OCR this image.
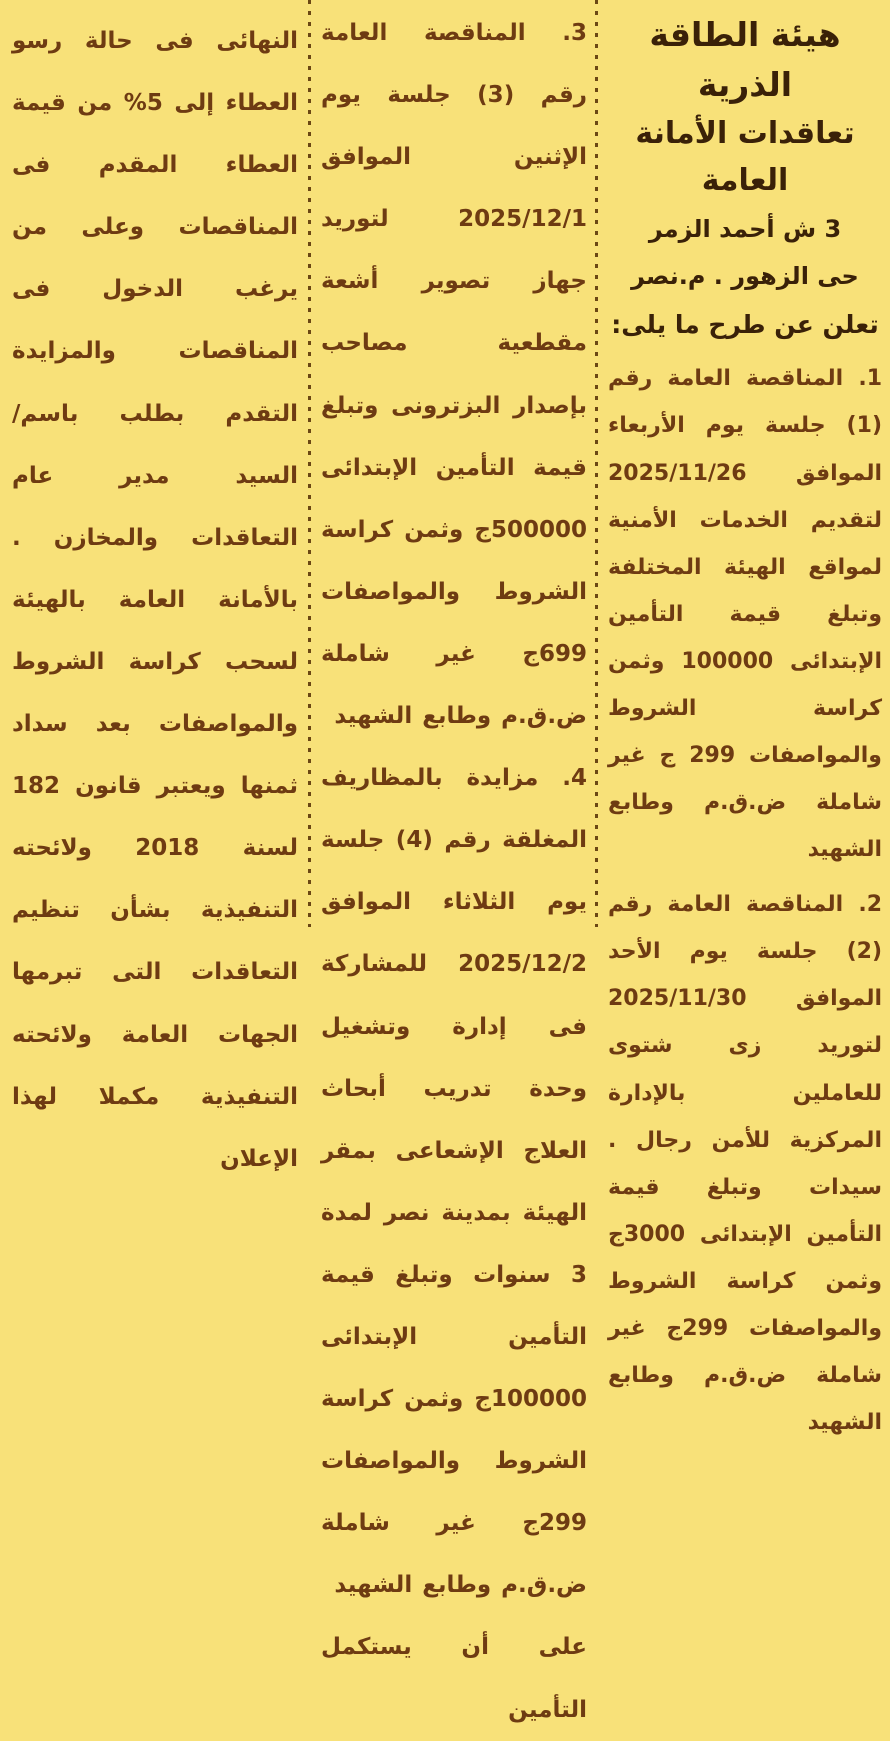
هيئة الطاقة الذرية
تعاقدات الأمانة العامة

3 ش أحمد الزمر

حى الزهور . م.نصر

تعلن عن طرح ما يلى:

1. المناقصة العامة رقم (1) جلسة يوم الأربعاء الموافق 2025/11/26 لتقديم الخدمات الأمنية لمواقع الهيئة المختلفة وتبلغ قيمة التأمين الإبتدائى 100000 وثمن كراسة الشروط والمواصفات 299 ج غير شاملة ض.ق.م وطابع الشهيد

2. المناقصة العامة رقم (2) جلسة يوم الأحد الموافق 2025/11/30 لتوريد زى شتوى للعاملين بالإدارة المركزية للأمن رجال . سيدات وتبلغ قيمة التأمين الإبتدائى 3000ج وثمن كراسة الشروط والمواصفات 299ج غير شاملة ض.ق.م وطابع الشهيد

3. المناقصة العامة رقم (3) جلسة يوم الإثنين الموافق 2025/12/1 لتوريد جهاز تصوير أشعة مقطعية مصاحب بإصدار البزترونى وتبلغ قيمة التأمين الإبتدائى 500000ج وثمن كراسة الشروط والمواصفات 699ج غير شاملة ض.ق.م وطابع الشهيد

4. مزايدة بالمظاريف المغلقة رقم (4) جلسة يوم الثلاثاء الموافق 2025/12/2 للمشاركة فى إدارة وتشغيل وحدة تدريب أبحاث العلاج الإشعاعى بمقر الهيئة بمدينة نصر لمدة 3 سنوات وتبلغ قيمة التأمين الإبتدائى 100000ج وثمن كراسة الشروط والمواصفات 299ج غير شاملة ض.ق.م وطابع الشهيد

على أن يستكمل التأمين

النهائى فى حالة رسو العطاء إلى 5% من قيمة العطاء المقدم فى المناقصات وعلى من يرغب الدخول فى المناقصات والمزايدة التقدم بطلب باسم/ السيد مدير عام التعاقدات والمخازن . بالأمانة العامة بالهيئة لسحب كراسة الشروط والمواصفات بعد سداد ثمنها ويعتبر قانون 182 لسنة 2018 ولائحته التنفيذية بشأن تنظيم التعاقدات التى تبرمها الجهات العامة ولائحته التنفيذية مكملا لهذا الإعلان
